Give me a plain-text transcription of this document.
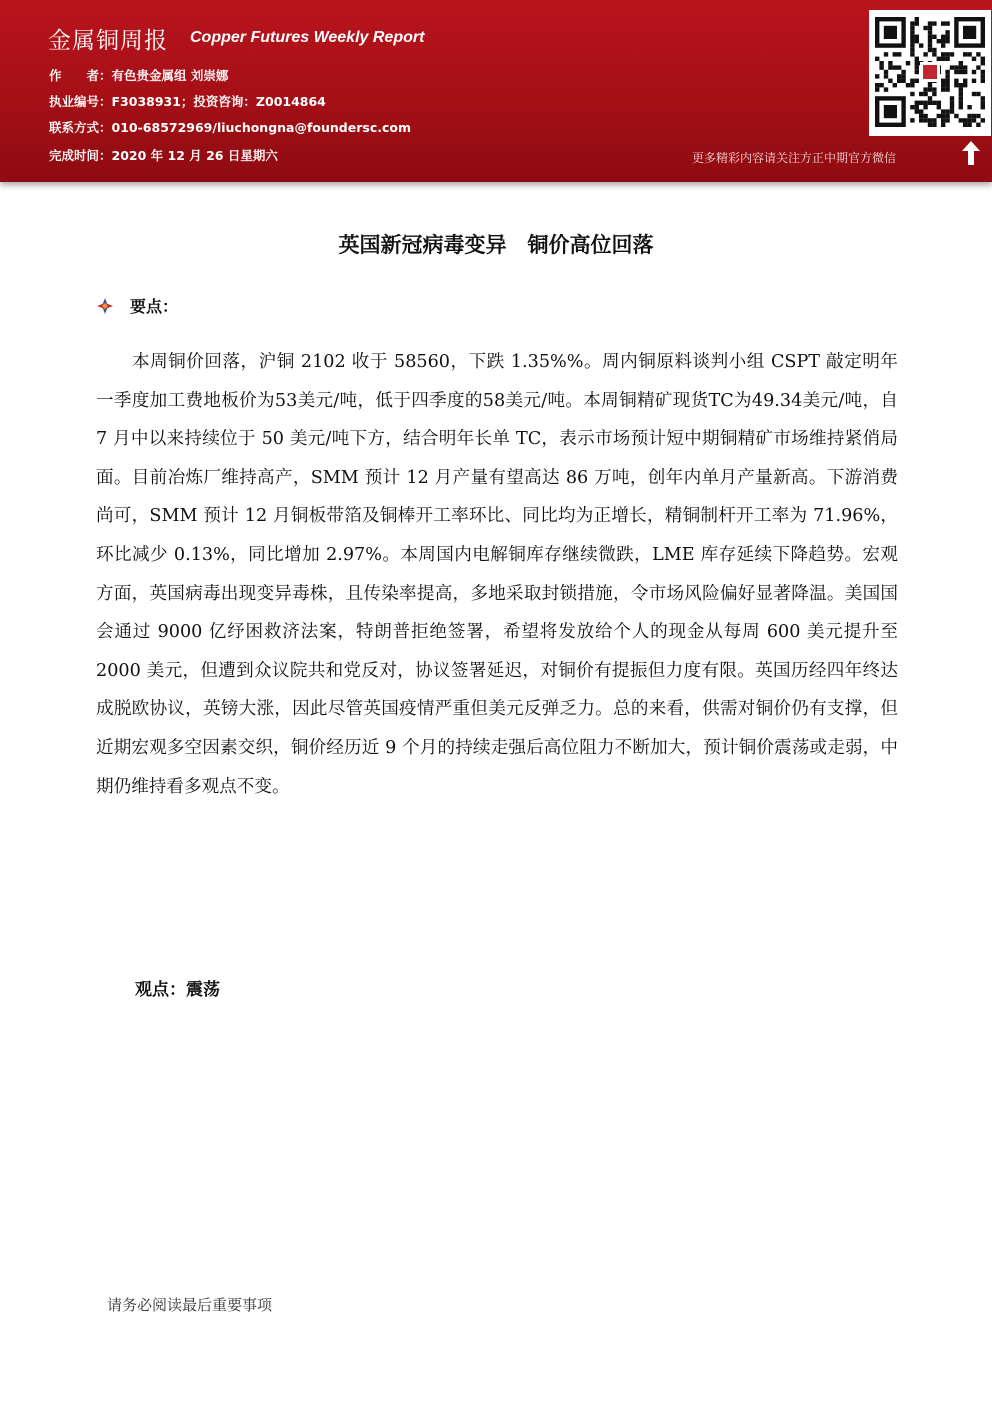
金属铜周报 Copper Futures Weekly Report
作　　者：有色贵金属组 刘崇娜
执业编号：F3038931；投资咨询：Z0014864
联系方式：010-68572969/liuchongna@foundersc.com
完成时间：2020 年 12 月 26 日星期六	更多精彩内容请关注方正中期官方微信
英国新冠病毒变异　铜价高位回落
要点：
本周铜价回落，沪铜 2102 收于 58560，下跌 1.35%%。周内铜原料谈判小组 CSPT 敲定明年一季度加工费地板价为53美元/吨，低于四季度的58美元/吨。本周铜精矿现货TC为49.34美元/吨，自 7 月中以来持续位于 50 美元/吨下方，结合明年长单 TC，表示市场预计短中期铜精矿市场维持紧俏局面。目前冶炼厂维持高产，SMM 预计 12 月产量有望高达 86 万吨，创年内单月产量新高。下游消费尚可，SMM 预计 12 月铜板带箔及铜棒开工率环比、同比均为正增长，精铜制杆开工率为 71.96%，环比减少 0.13%，同比增加 2.97%。本周国内电解铜库存继续微跌，LME 库存延续下降趋势。宏观方面，英国病毒出现变异毒株，且传染率提高，多地采取封锁措施，令市场风险偏好显著降温。美国国会通过 9000 亿纾困救济法案，特朗普拒绝签署，希望将发放给个人的现金从每周 600 美元提升至 2000 美元，但遭到众议院共和党反对，协议签署延迟，对铜价有提振但力度有限。英国历经四年终达成脱欧协议，英镑大涨，因此尽管英国疫情严重但美元反弹乏力。总的来看，供需对铜价仍有支撑，但近期宏观多空因素交织，铜价经历近 9 个月的持续走强后高位阻力不断加大，预计铜价震荡或走弱，中期仍维持看多观点不变。
观点：震荡
请务必阅读最后重要事项
